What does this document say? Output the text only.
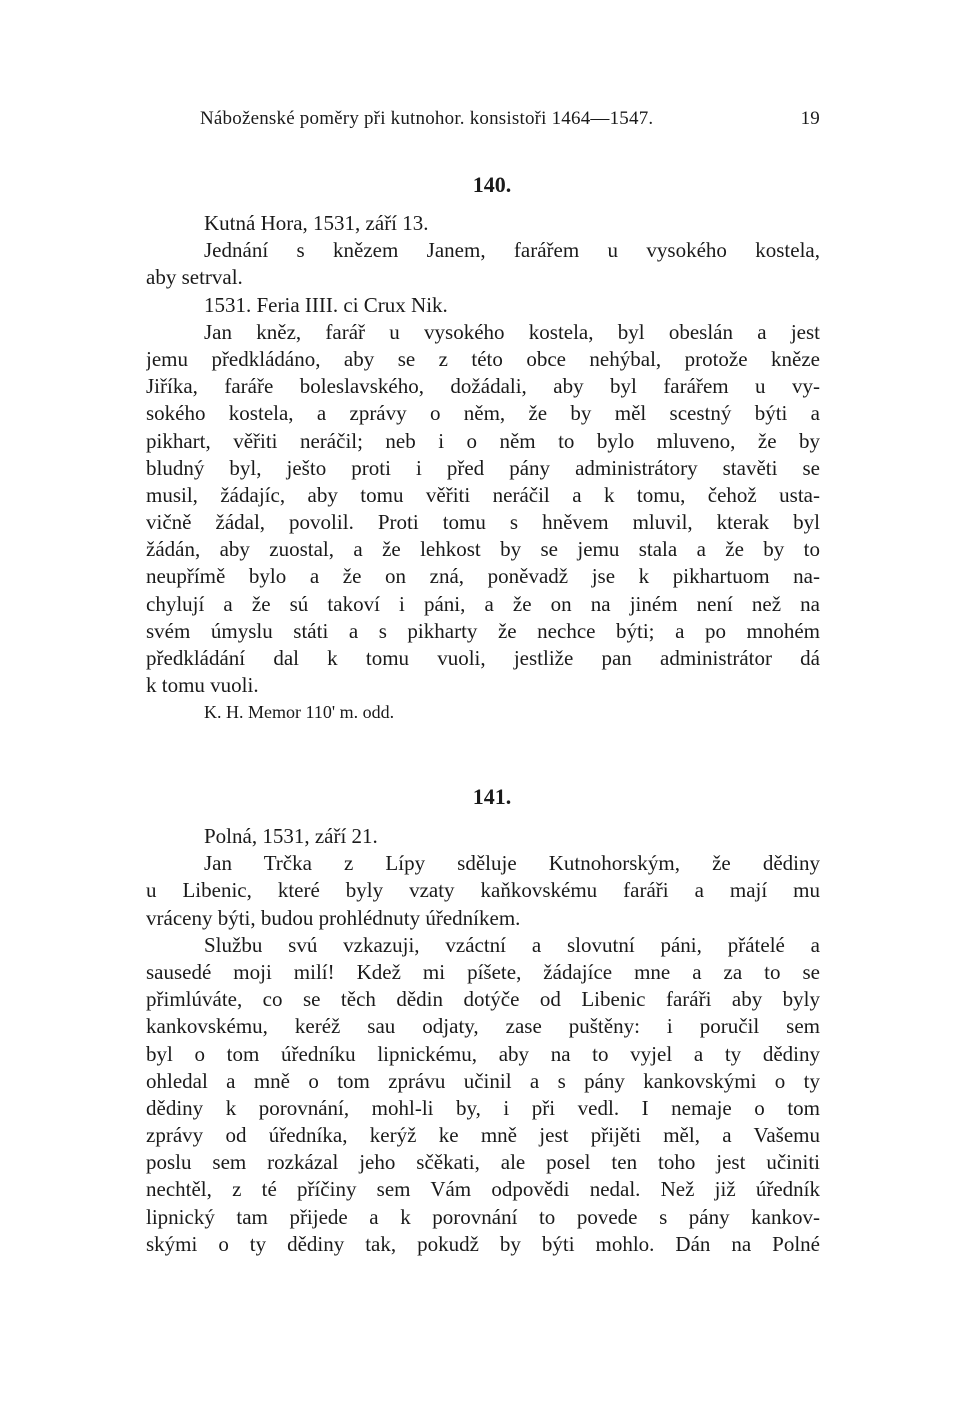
Náboženské poměry při kutnohor. konsistoři 1464—1547.	19
140.
Kutná Hora, 1531, září 13.
Jednání s knězem Janem, farářem u vysokého kostela,
aby setrval.
1531. Feria IIII. ci Crux Nik.
Jan kněz, farář u vysokého kostela, byl obeslán a jest
jemu předkládáno, aby se z této obce nehýbal, protože kněze
Jiříka, faráře boleslavského, dožádali, aby byl farářem u vy-
sokého kostela, a zprávy o něm, že by měl scestný býti a
pikhart, věřiti neráčil; neb i o něm to bylo mluveno, že by
bludný byl, ješto proti i před pány administrátory stavěti se
musil, žádajíc, aby tomu věřiti neráčil a k tomu, čehož usta-
vičně žádal, povolil. Proti tomu s hněvem mluvil, kterak byl
žádán, aby zuostal, a že lehkost by se jemu stala a že by to
neupřímě bylo a že on zná, poněvadž jse k pikhartuom na-
chylují a že sú takoví i páni, a že on na jiném není než na
svém úmyslu státi a s pikharty že nechce býti; a po mnohém
předkládání dal k tomu vuoli, jestliže pan administrátor dá
k tomu vuoli.
K. H. Memor 110' m. odd.
141.
Polná, 1531, září 21.
Jan Trčka z Lípy sděluje Kutnohorským, že dědiny
u Libenic, které byly vzaty kaňkovskému faráři a mají mu
vráceny býti, budou prohlédnuty úředníkem.
Službu svú vzkazuji, vzáctní a slovutní páni, přátelé a
sausedé moji milí! Kdež mi píšete, žádajíce mne a za to se
přimlúváte, co se těch dědin dotýče od Libenic faráři aby byly
kankovskému, keréž sau odjaty, zase puštěny: i poručil sem
byl o tom úředníku lipnickému, aby na to vyjel a ty dědiny
ohledal a mně o tom zprávu učinil a s pány kankovskými o ty
dědiny k porovnání, mohl-li by, i při vedl. I nemaje o tom
zprávy od úředníka, kerýž ke mně jest přijěti měl, a Vašemu
poslu sem rozkázal jeho sčěkati, ale posel ten toho jest učiniti
nechtěl, z té příčiny sem Vám odpovědi nedal. Než již úředník
lipnický tam přijede a k porovnání to povede s pány kankov-
skými o ty dědiny tak, pokudž by býti mohlo. Dán na Polné
